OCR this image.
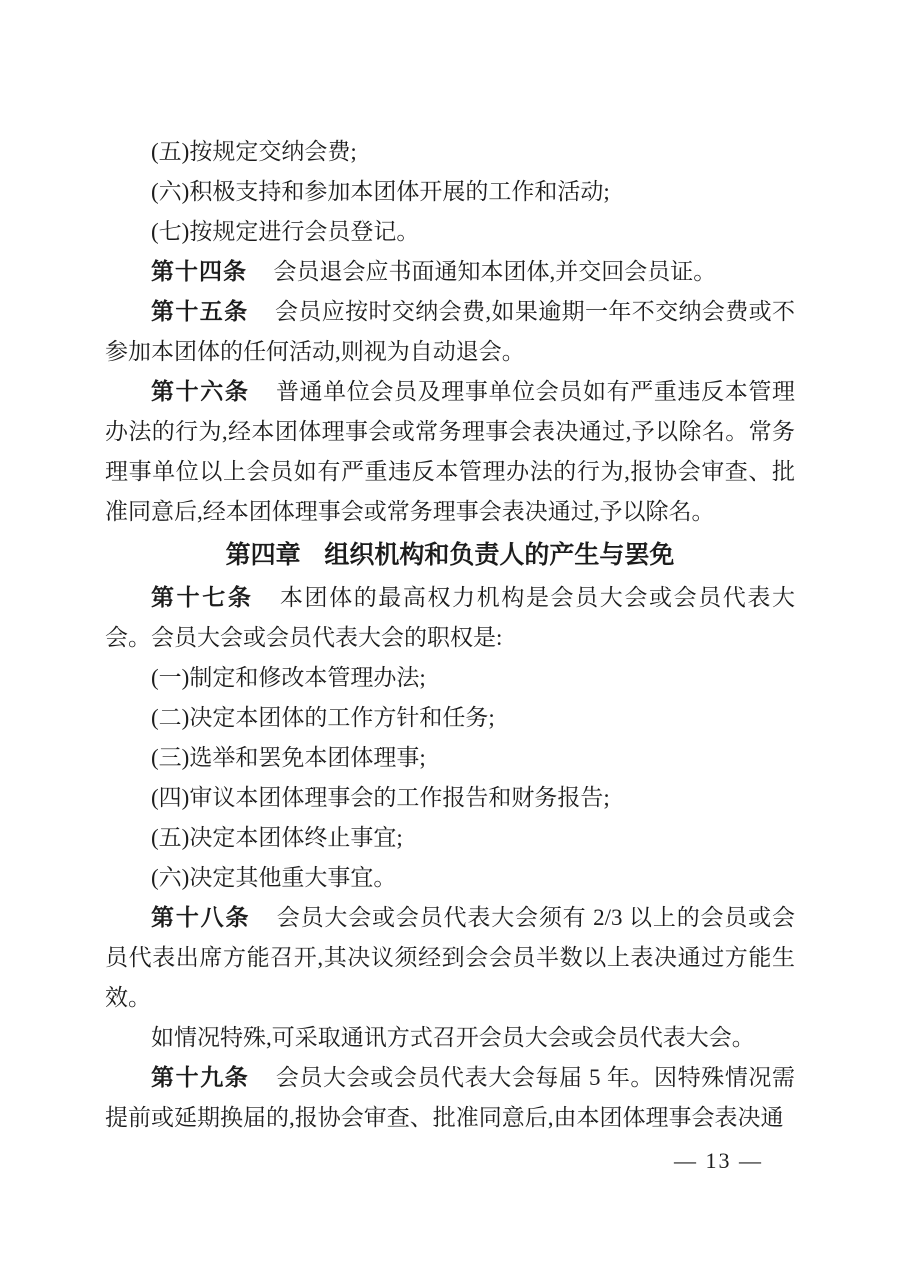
(五)按规定交纳会费;

(六)积极支持和参加本团体开展的工作和活动;

(七)按规定进行会员登记。

第十四条 会员退会应书面通知本团体,并交回会员证。

第十五条 会员应按时交纳会费,如果逾期一年不交纳会费或不参加本团体的任何活动,则视为自动退会。

第十六条 普通单位会员及理事单位会员如有严重违反本管理办法的行为,经本团体理事会或常务理事会表决通过,予以除名。常务理事单位以上会员如有严重违反本管理办法的行为,报协会审查、批准同意后,经本团体理事会或常务理事会表决通过,予以除名。

第四章 组织机构和负责人的产生与罢免

第十七条 本团体的最高权力机构是会员大会或会员代表大会。会员大会或会员代表大会的职权是:

(一)制定和修改本管理办法;

(二)决定本团体的工作方针和任务;

(三)选举和罢免本团体理事;

(四)审议本团体理事会的工作报告和财务报告;

(五)决定本团体终止事宜;

(六)决定其他重大事宜。

第十八条 会员大会或会员代表大会须有 2/3 以上的会员或会员代表出席方能召开,其决议须经到会会员半数以上表决通过方能生效。

如情况特殊,可采取通讯方式召开会员大会或会员代表大会。

第十九条 会员大会或会员代表大会每届 5 年。因特殊情况需提前或延期换届的,报协会审查、批准同意后,由本团体理事会表决通

— 13 —
